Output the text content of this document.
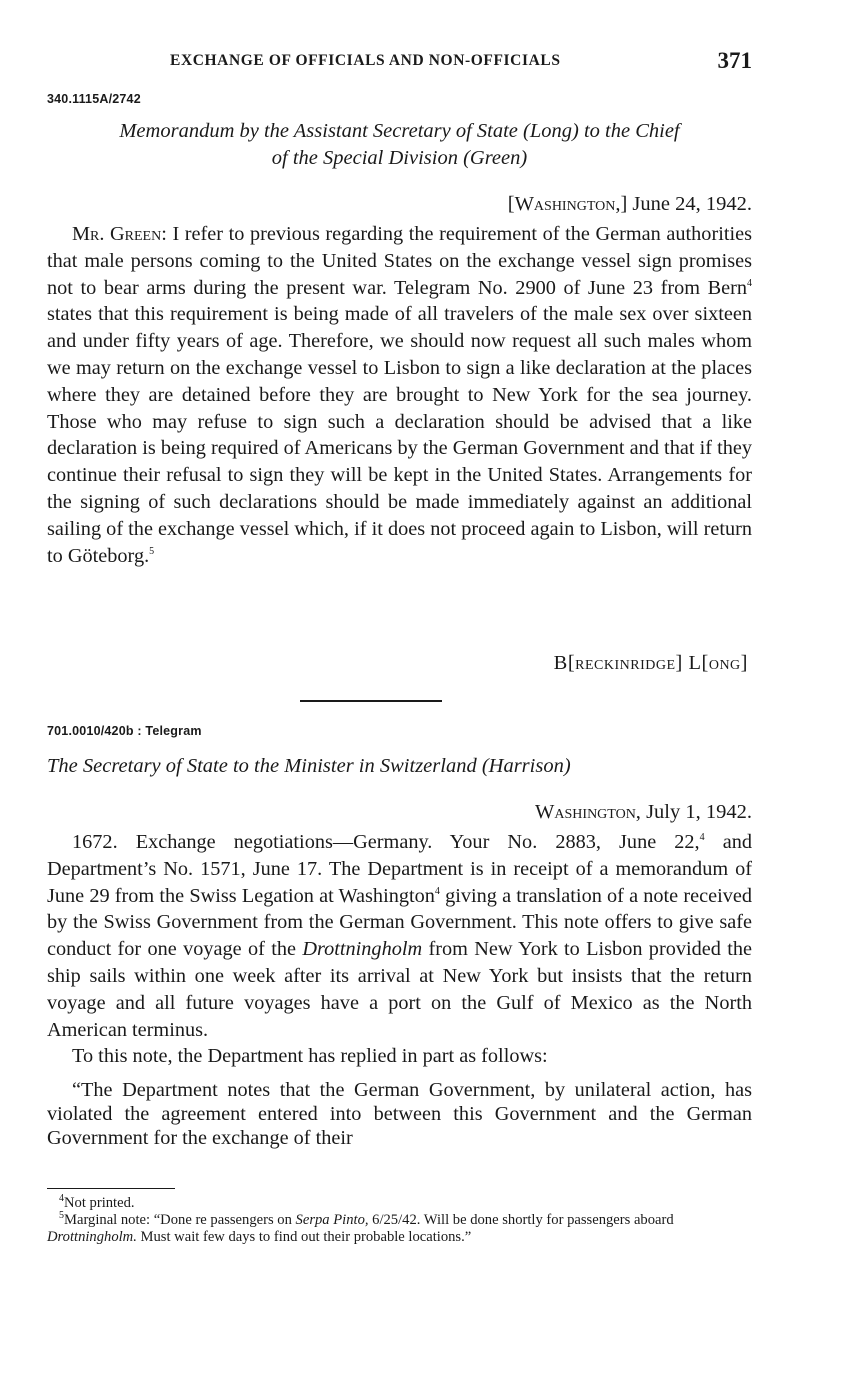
EXCHANGE OF OFFICIALS AND NON-OFFICIALS	371
340.1115A/2742
Memorandum by the Assistant Secretary of State (Long) to the Chief
of the Special Division (Green)
[Washington,] June 24, 1942.

Mr. Green: I refer to previous regarding the requirement of the German authorities that male persons coming to the United States on the exchange vessel sign promises not to bear arms during the present war. Telegram No. 2900 of June 23 from Bern$^4$ states that this requirement is being made of all travelers of the male sex over sixteen and under fifty years of age. Therefore, we should now request all such males whom we may return on the exchange vessel to Lisbon to sign a like declaration at the places where they are detained before they are brought to New York for the sea journey. Those who may refuse to sign such a declaration should be advised that a like declaration is being required of Americans by the German Government and that if they continue their refusal to sign they will be kept in the United States. Arrangements for the signing of such declarations should be made immediately against an additional sailing of the exchange vessel which, if it does not proceed again to Lisbon, will return to Göteborg.$^5$

B[reckinridge] L[ong]
701.0010/420b : Telegram
The Secretary of State to the Minister in Switzerland (Harrison)
Washington, July 1, 1942.

1672. Exchange negotiations—Germany. Your No. 2883, June 22,$^4$ and Department’s No. 1571, June 17. The Department is in receipt of a memorandum of June 29 from the Swiss Legation at Washington$^4$ giving a translation of a note received by the Swiss Government from the German Government. This note offers to give safe conduct for one voyage of the Drottningholm from New York to Lisbon provided the ship sails within one week after its arrival at New York but insists that the return voyage and all future voyages have a port on the Gulf of Mexico as the North American terminus.

To this note, the Department has replied in part as follows:

“The Department notes that the German Government, by unilateral action, has violated the agreement entered into between this Government and the German Government for the exchange of their

$^4$Not printed.

$^5$Marginal note: “Done re passengers on Serpa Pinto, 6/25/42. Will be done shortly for passengers aboard Drottningholm. Must wait few days to find out their probable locations.”
